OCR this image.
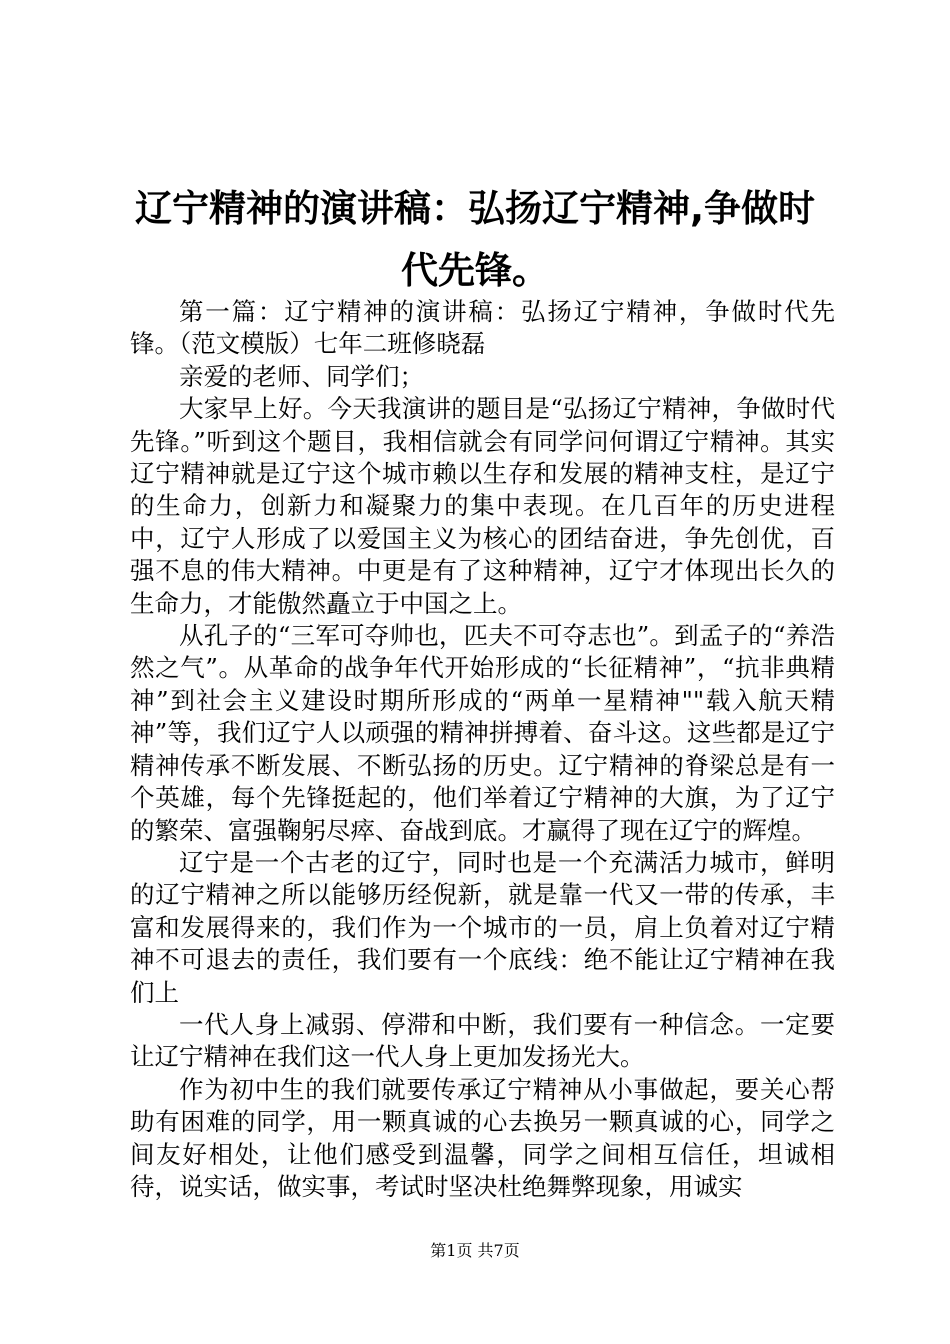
辽宁精神的演讲稿：弘扬辽宁精神,争做时代先锋。

第一篇：辽宁精神的演讲稿：弘扬辽宁精神，争做时代先锋。（范文模版）七年二班修晓磊

亲爱的老师、同学们；

大家早上好。今天我演讲的题目是“弘扬辽宁精神，争做时代先锋。”听到这个题目，我相信就会有同学问何谓辽宁精神。其实辽宁精神就是辽宁这个城市赖以生存和发展的精神支柱，是辽宁的生命力，创新力和凝聚力的集中表现。在几百年的历史进程中，辽宁人形成了以爱国主义为核心的团结奋进，争先创优，百强不息的伟大精神。中更是有了这种精神，辽宁才体现出长久的生命力，才能傲然矗立于中国之上。

从孔子的“三军可夺帅也，匹夫不可夺志也”。到孟子的“养浩然之气”。从革命的战争年代开始形成的“长征精神”，“抗非典精神”到社会主义建设时期所形成的“两单一星精神""载入航天精神”等，我们辽宁人以顽强的精神拼搏着、奋斗这。这些都是辽宁精神传承不断发展、不断弘扬的历史。辽宁精神的脊梁总是有一个英雄，每个先锋挺起的，他们举着辽宁精神的大旗，为了辽宁的繁荣、富强鞠躬尽瘁、奋战到底。才赢得了现在辽宁的辉煌。

辽宁是一个古老的辽宁，同时也是一个充满活力城市，鲜明的辽宁精神之所以能够历经倪新，就是靠一代又一带的传承，丰富和发展得来的，我们作为一个城市的一员，肩上负着对辽宁精神不可退去的责任，我们要有一个底线：绝不能让辽宁精神在我们上

一代人身上减弱、停滞和中断，我们要有一种信念。一定要让辽宁精神在我们这一代人身上更加发扬光大。

作为初中生的我们就要传承辽宁精神从小事做起，要关心帮助有困难的同学，用一颗真诚的心去换另一颗真诚的心，同学之间友好相处，让他们感受到温馨，同学之间相互信任，坦诚相待，说实话，做实事，考试时坚决杜绝舞弊现象，用诚实

第1页 共7页
